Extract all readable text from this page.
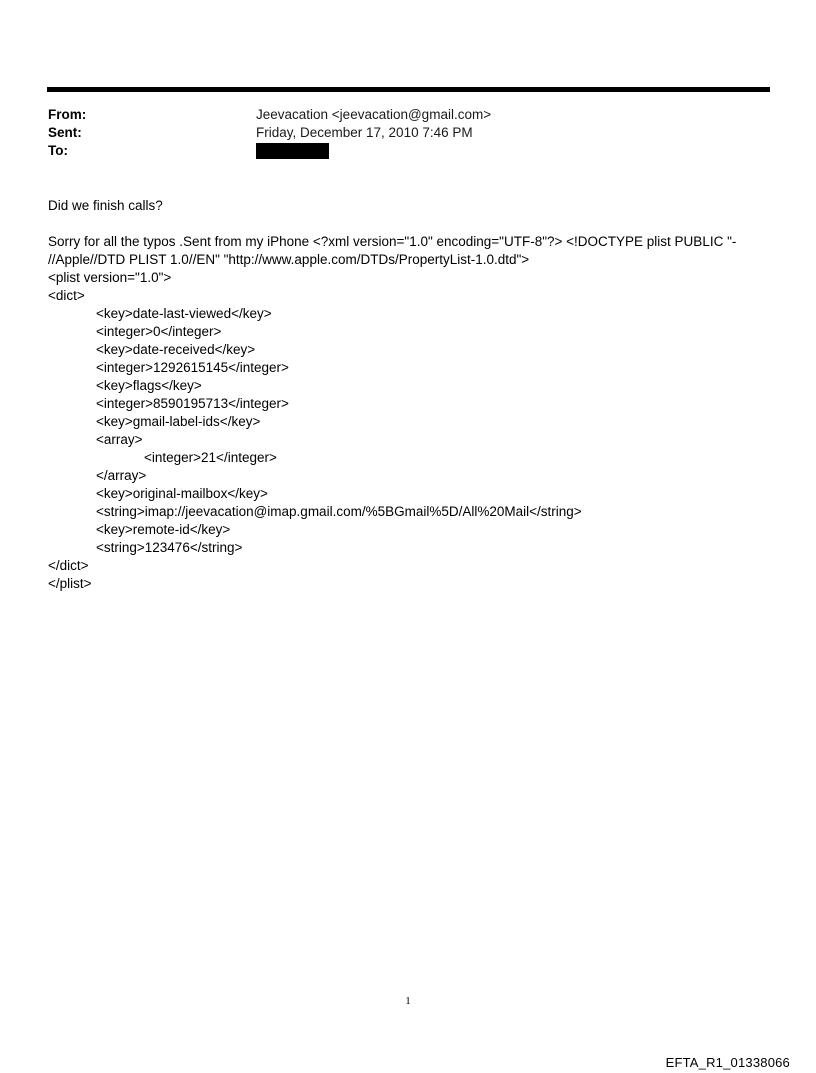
From:	Jeevacation <jeevacation@gmail.com>
Sent:	Friday, December 17, 2010 7:46 PM
To:

Did we finish calls?

Sorry for all the typos .Sent from my iPhone <?xml version="1.0" encoding="UTF-8"?> <!DOCTYPE plist PUBLIC "-

//Apple//DTD PLIST 1.0//EN" "http://www.apple.com/DTDs/PropertyList-1.0.dtd">

<plist version="1.0">

<dict>

<key>date-last-viewed</key>

<integer>0</integer>

<key>date-received</key>

<integer>1292615145</integer>

<key>flags</key>

<integer>8590195713</integer>

<key>gmail-label-ids</key>

<array>

<integer>21</integer>

</array>

<key>original-mailbox</key>

<string>imap://jeevacation@imap.gmail.com/%5BGmail%5D/All%20Mail</string>

<key>remote-id</key>

<string>123476</string>

</dict>

</plist>

1
EFTA_R1_01338066
